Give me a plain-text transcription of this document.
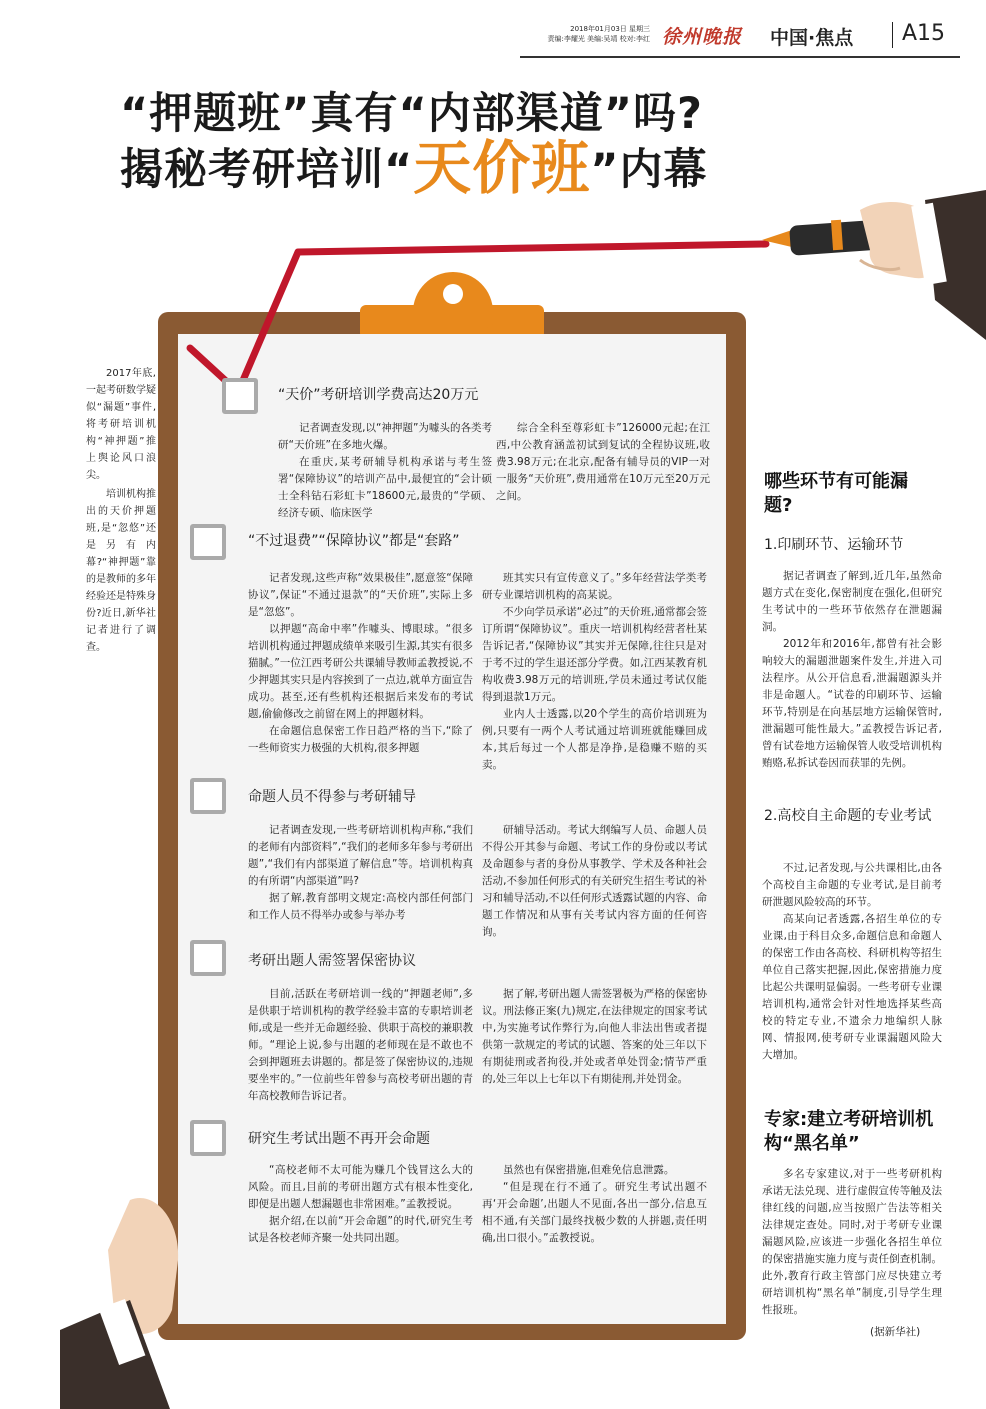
2018年01月03日 星期三
责编:李耀光 美编:吴靖 校对:李红 徐州晚报 中国·焦点 A15
“押题班”真有“内部渠道”吗?
揭秘考研培训“天价班”内幕

2017年底,一起考研数学疑似“漏题”事件,将考研培训机构“神押题”推上舆论风口浪尖。

培训机构推出的天价押题班,是“忽悠”还是另有内幕?“神押题”靠的是教师的多年经验还是特殊身份?近日,新华社记者进行了调查。

“天价”考研培训学费高达20万元

记者调查发现,以“神押题”为噱头的各类考研“天价班”在多地火爆。

在重庆,某考研辅导机构承诺与考生签署“保障协议”的培训产品中,最便宜的“会计硕士全科钻石彩虹卡”18600元,最贵的“学硕、经济专硕、临床医学

综合全科至尊彩虹卡”126000元起;在江西,中公教育涵盖初试到复试的全程协议班,收费3.98万元;在北京,配备有辅导员的VIP一对一服务“天价班”,费用通常在10万元至20万元之间。

“不过退费”“保障协议”都是“套路”

记者发现,这些声称“效果极佳”,愿意签“保障协议”,保证“不通过退款”的“天价班”,实际上多是“忽悠”。

以押题“高命中率”作噱头、博眼球。“很多培训机构通过押题成绩单来吸引生源,其实有很多猫腻。”一位江西考研公共课辅导教师孟教授说,不少押题其实只是内容挨到了一点边,就单方面宣告成功。甚至,还有些机构还根据后来发布的考试题,偷偷修改之前留在网上的押题材料。

在命题信息保密工作日趋严格的当下,“除了一些师资实力极强的大机构,很多押题

班其实只有宣传意义了。”多年经营法学类考研专业课培训机构的高某说。

不少向学员承诺“必过”的天价班,通常都会签订所谓“保障协议”。重庆一培训机构经营者杜某告诉记者,“保障协议”其实并无保障,往往只是对于考不过的学生退还部分学费。如,江西某教育机构收费3.98万元的培训班,学员未通过考试仅能得到退款1万元。

业内人士透露,以20个学生的高价培训班为例,只要有一两个人考试通过培训班就能赚回成本,其后每过一个人都是净挣,是稳赚不赔的买卖。

命题人员不得参与考研辅导

记者调查发现,一些考研培训机构声称,“我们的老师有内部资料”,“我们的老师多年参与考研出题”,“我们有内部渠道了解信息”等。培训机构真的有所谓“内部渠道”吗?

据了解,教育部明文规定:高校内部任何部门和工作人员不得举办或参与举办考

研辅导活动。考试大纲编写人员、命题人员不得公开其参与命题、考试工作的身份或以考试及命题参与者的身份从事教学、学术及各种社会活动,不参加任何形式的有关研究生招生考试的补习和辅导活动,不以任何形式透露试题的内容、命题工作情况和从事有关考试内容方面的任何咨询。

考研出题人需签署保密协议

目前,活跃在考研培训一线的“押题老师”,多是供职于培训机构的教学经验丰富的专职培训老师,或是一些并无命题经验、供职于高校的兼职教师。“理论上说,参与出题的老师现在是不敢也不会到押题班去讲题的。都是签了保密协议的,违规要坐牢的。”一位前些年曾参与高校考研出题的青年高校教师告诉记者。

据了解,考研出题人需签署极为严格的保密协议。刑法修正案(九)规定,在法律规定的国家考试中,为实施考试作弊行为,向他人非法出售或者提供第一款规定的考试的试题、答案的处三年以下有期徒刑或者拘役,并处或者单处罚金;情节严重的,处三年以上七年以下有期徒刑,并处罚金。

研究生考试出题不再开会命题

“高校老师不太可能为赚几个钱冒这么大的风险。而且,目前的考研出题方式有根本性变化,即便是出题人想漏题也非常困难。”孟教授说。

据介绍,在以前“开会命题”的时代,研究生考试是各校老师齐聚一处共同出题。

虽然也有保密措施,但难免信息泄露。

“但是现在行不通了。研究生考试出题不再‘开会命题’,出题人不见面,各出一部分,信息互相不通,有关部门最终找极少数的人拼题,责任明确,出口很小。”孟教授说。

哪些环节有可能漏题?
1.印刷环节、运输环节

据记者调查了解到,近几年,虽然命题方式在变化,保密制度在强化,但研究生考试中的一些环节依然存在泄题漏洞。

2012年和2016年,都曾有社会影响较大的漏题泄题案件发生,并进入司法程序。从公开信息看,泄漏题源头并非是命题人。“试卷的印刷环节、运输环节,特别是在向基层地方运输保管时,泄漏题可能性最大。”孟教授告诉记者,曾有试卷地方运输保管人收受培训机构贿赂,私拆试卷因而获罪的先例。

2.高校自主命题的专业考试

不过,记者发现,与公共课相比,由各个高校自主命题的专业考试,是目前考研泄题风险较高的环节。

高某向记者透露,各招生单位的专业课,由于科目众多,命题信息和命题人的保密工作由各高校、科研机构等招生单位自己落实把握,因此,保密措施力度比起公共课明显偏弱。一些考研专业课培训机构,通常会针对性地选择某些高校的特定专业,不遗余力地编织人脉网、情报网,使考研专业课漏题风险大大增加。

专家:建立考研培训机构“黑名单”

多名专家建议,对于一些考研机构承诺无法兑现、进行虚假宣传等触及法律红线的问题,应当按照广告法等相关法律规定查处。同时,对于考研专业课漏题风险,应该进一步强化各招生单位的保密措施实施力度与责任倒查机制。此外,教育行政主管部门应尽快建立考研培训机构“黑名单”制度,引导学生理性报班。

(据新华社)
